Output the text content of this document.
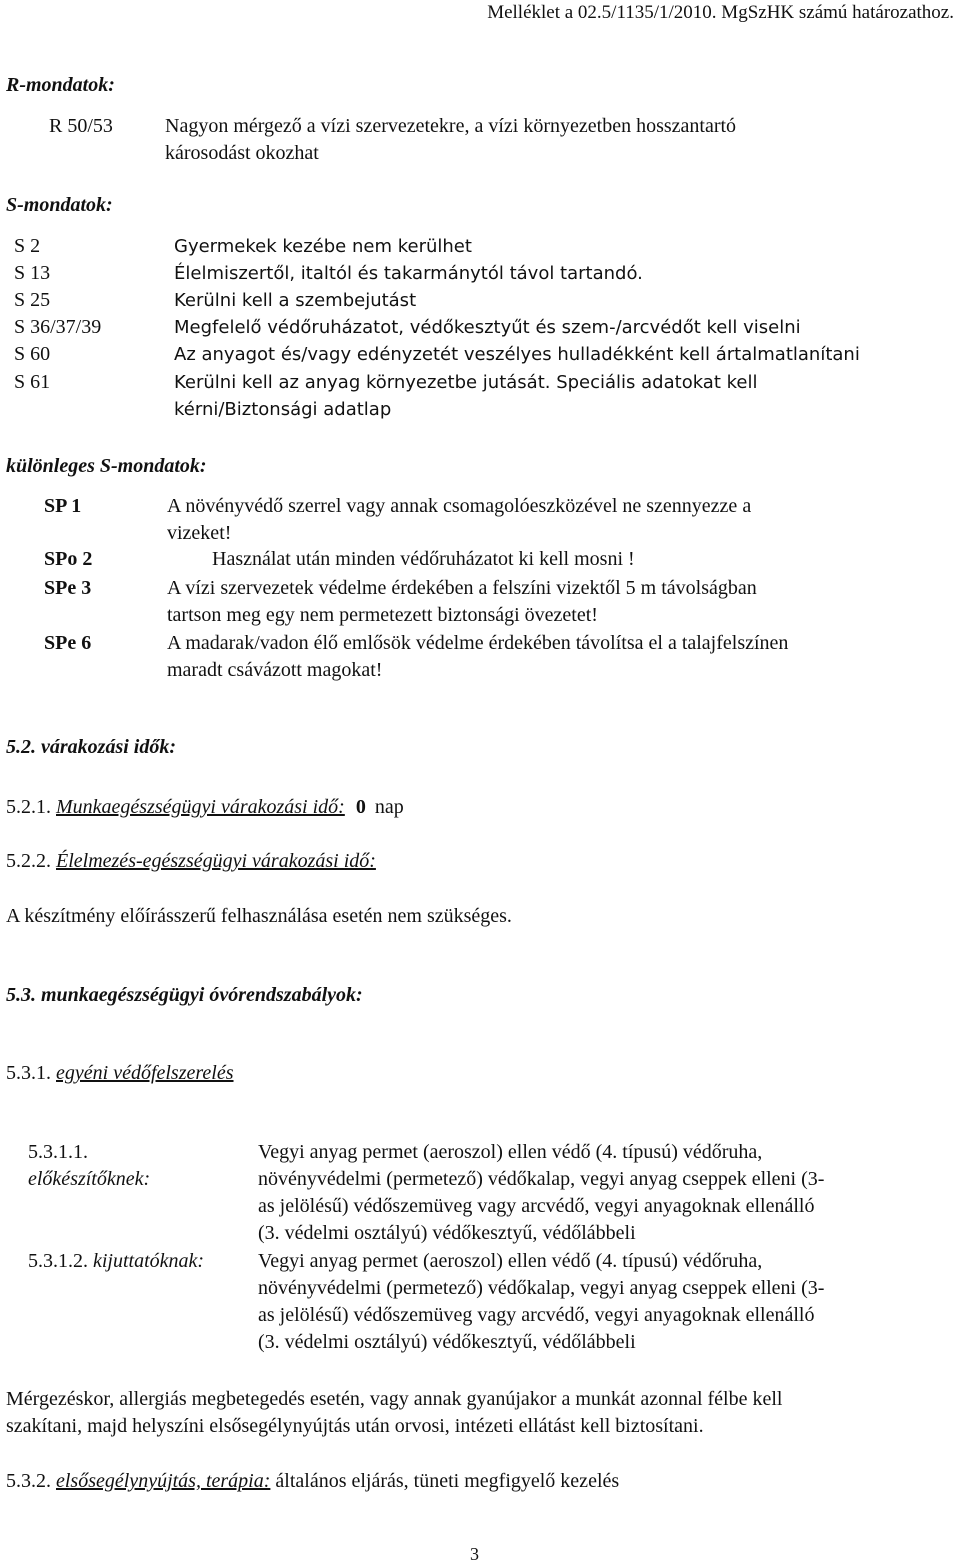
Melléklet a 02.5/1135/1/2010. MgSzHK számú határozathoz.
R-mondatok:
R 50/53	Nagyon mérgező a vízi szervezetekre, a vízi környezetben hosszantartó
károsodást okozhat
S-mondatok:
S 2
S 13
S 25
S 36/37/39
S 60
S 61
Gyermekek kezébe nem kerülhet
Élelmiszertől, italtól és takarmánytól távol tartandó.
Kerülni kell a szembejutást
Megfelelő védőruházatot, védőkesztyűt és szem-/arcvédőt kell viselni
Az anyagot és/vagy edényzetét veszélyes hulladékként kell ártalmatlanítani
Kerülni kell az anyag környezetbe jutását. Speciális adatokat kell
kérni/Biztonsági adatlap
különleges S-mondatok:
SP 1
SPo 2
SPe 3
SPe 6
A növényvédő szerrel vagy annak csomagolóeszközével ne szennyezze a
vizeket!
Használat után minden védőruházatot ki kell mosni !
A vízi szervezetek védelme érdekében a felszíni vizektől 5 m távolságban
tartson meg egy nem permetezett biztonsági övezetet!
A madarak/vadon élő emlősök védelme érdekében távolítsa el a talajfelszínen
maradt csávázott magokat!
5.2. várakozási idők:
5.2.1. Munkaegészségügyi várakozási idő: 0 nap
5.2.2. Élelmezés-egészségügyi várakozási idő:
A készítmény előírásszerű felhasználása esetén nem szükséges.
5.3. munkaegészségügyi óvórendszabályok:
5.3.1. egyéni védőfelszerelés
5.3.1.1.
előkészítőknek:
Vegyi anyag permet (aeroszol) ellen védő (4. típusú) védőruha,
növényvédelmi (permetező) védőkalap, vegyi anyag cseppek elleni (3-
as jelölésű) védőszemüveg vagy arcvédő, vegyi anyagoknak ellenálló
(3. védelmi osztályú) védőkesztyű, védőlábbeli
5.3.1.2. kijuttatóknak:	Vegyi anyag permet (aeroszol) ellen védő (4. típusú) védőruha,
növényvédelmi (permetező) védőkalap, vegyi anyag cseppek elleni (3-
as jelölésű) védőszemüveg vagy arcvédő, vegyi anyagoknak ellenálló
(3. védelmi osztályú) védőkesztyű, védőlábbeli
Mérgezéskor, allergiás megbetegedés esetén, vagy annak gyanújakor a munkát azonnal félbe kell
szakítani, majd helyszíni elsősegélynyújtás után orvosi, intézeti ellátást kell biztosítani.
5.3.2. elsősegélynyújtás, terápia: általános eljárás, tüneti megfigyelő kezelés
3
